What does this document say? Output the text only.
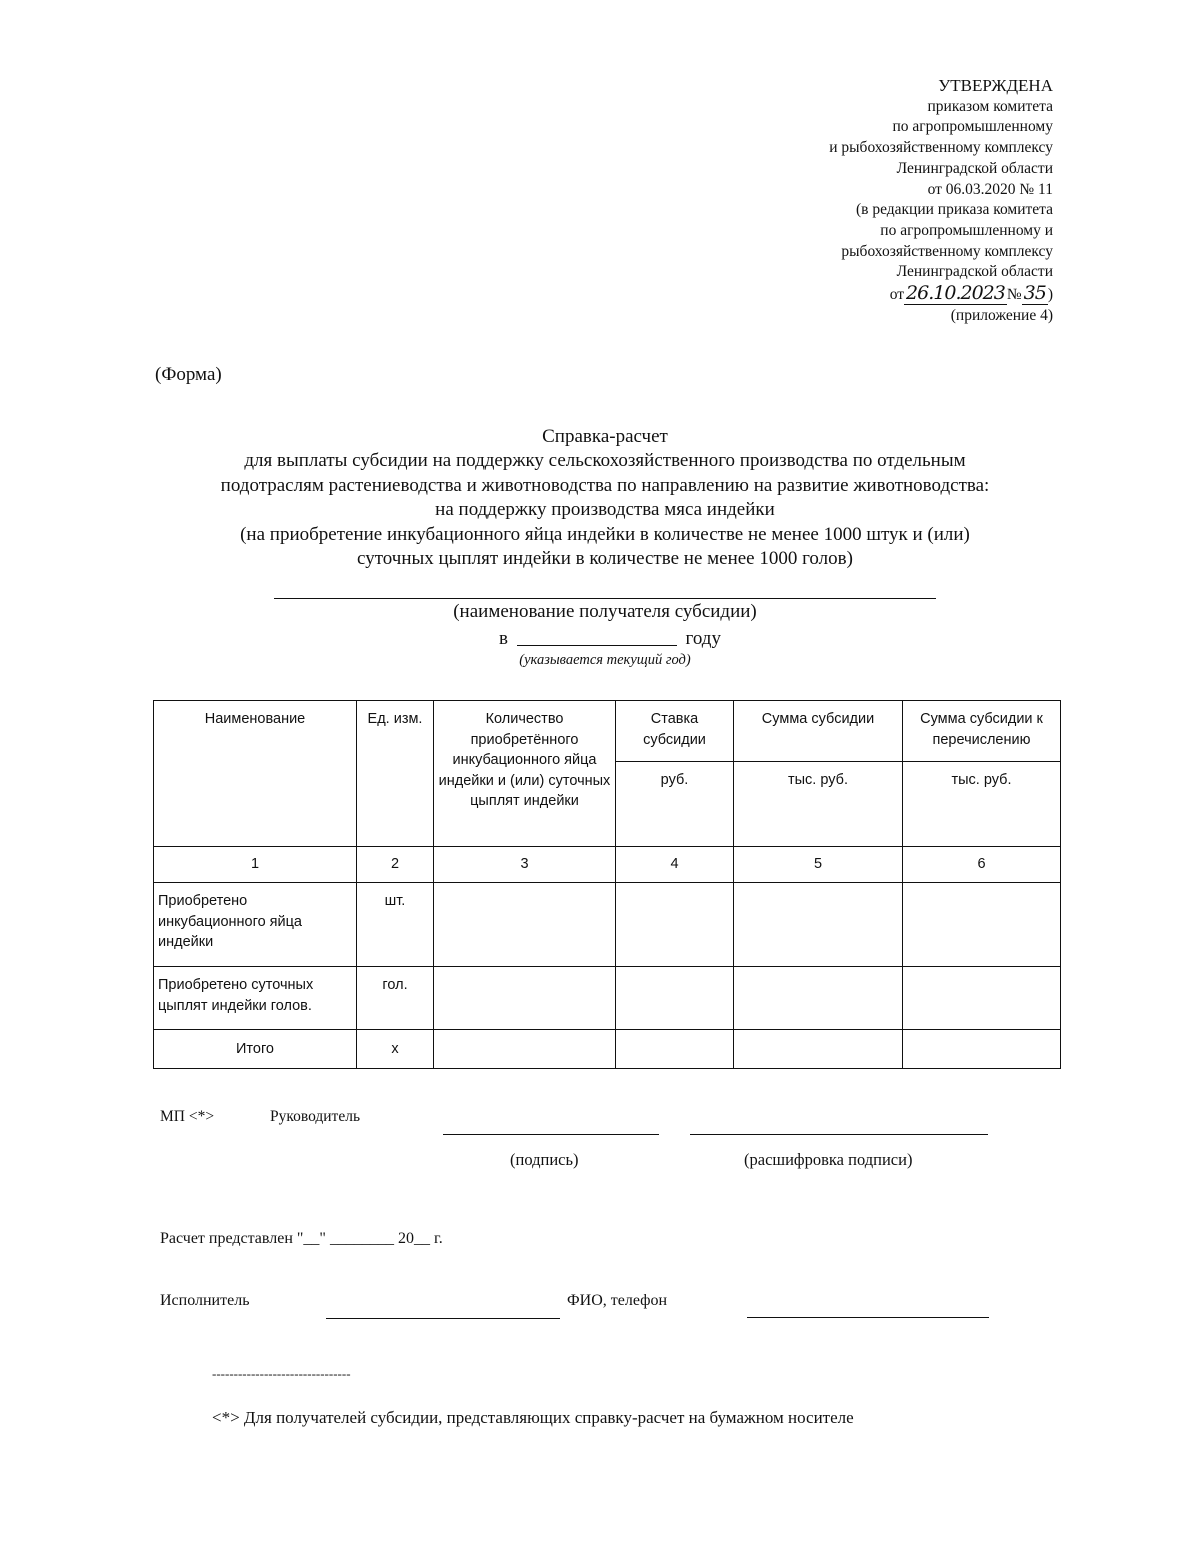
УТВЕРЖДЕНА
приказом комитета
по агропромышленному
и рыбохозяйственному комплексу
Ленинградской области
от 06.03.2020 № 11
(в редакции приказа комитета
по агропромышленному и
рыбохозяйственному комплексу
Ленинградской области
от 26.10.2023 № 35 )
(приложение 4)
(Форма)
Справка-расчет
для выплаты субсидии на поддержку сельскохозяйственного производства по отдельным
подотраслям растениеводства и животноводства по направлению на развитие животноводства:
на поддержку производства мяса индейки
(на приобретение инкубационного яйца индейки в количестве не менее 1000 штук и (или)
суточных цыплят индейки в количестве не менее 1000 голов)
(наименование получателя субсидии)
в	году
(указывается текущий год)
Наименование	Ед. изм.	Количество приобретённого инкубационного яйца индейки и (или) суточных цыплят индейки	Ставка субсидии	Сумма субсидии	Сумма субсидии к перечислению
			руб.	тыс. руб.	тыс. руб.
1	2	3	4	5	6
Приобретено инкубационного яйца индейки	шт.				
Приобретено суточных цыплят индейки голов.	гол.				
Итого	х				
МП <*>	Руководитель
(подпись)	(расшифровка подписи)
Расчет представлен "__" ________ 20__ г.
Исполнитель	ФИО, телефон
--------------------------------
<*> Для получателей субсидии, представляющих справку-расчет на бумажном носителе
